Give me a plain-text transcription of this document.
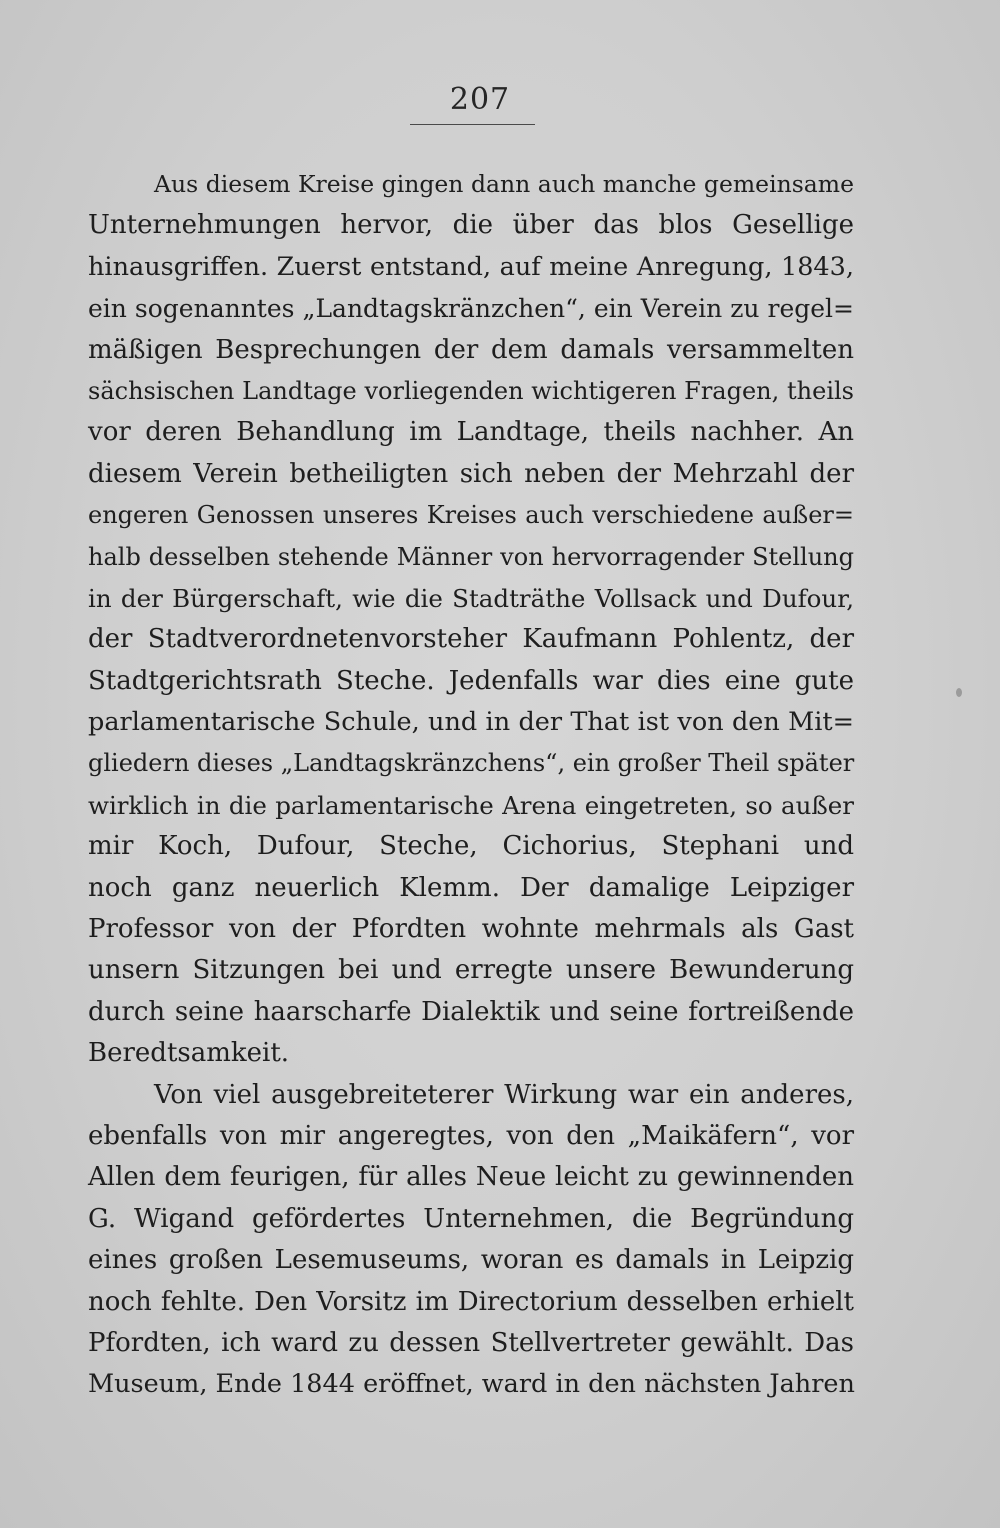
207

Aus diesem Kreise gingen dann auch manche gemeinsame
Unternehmungen hervor, die über das blos Gesellige
hinausgriffen. Zuerst entstand, auf meine Anregung, 1843,
ein sogenanntes „Landtagskränzchen“, ein Verein zu regel=
mäßigen Besprechungen der dem damals versammelten
sächsischen Landtage vorliegenden wichtigeren Fragen, theils
vor deren Behandlung im Landtage, theils nachher. An
diesem Verein betheiligten sich neben der Mehrzahl der
engeren Genossen unseres Kreises auch verschiedene außer=
halb desselben stehende Männer von hervorragender Stellung
in der Bürgerschaft, wie die Stadträthe Vollsack und Dufour,
der Stadtverordnetenvorsteher Kaufmann Pohlentz, der
Stadtgerichtsrath Steche. Jedenfalls war dies eine gute
parlamentarische Schule, und in der That ist von den Mit=
gliedern dieses „Landtagskränzchens“, ein großer Theil später
wirklich in die parlamentarische Arena eingetreten, so außer
mir Koch, Dufour, Steche, Cichorius, Stephani und
noch ganz neuerlich Klemm. Der damalige Leipziger
Professor von der Pfordten wohnte mehrmals als Gast
unsern Sitzungen bei und erregte unsere Bewunderung
durch seine haarscharfe Dialektik und seine fortreißende
Beredtsamkeit.

Von viel ausgebreiteterer Wirkung war ein anderes,
ebenfalls von mir angeregtes, von den „Maikäfern“, vor
Allen dem feurigen, für alles Neue leicht zu gewinnenden
G. Wigand gefördertes Unternehmen, die Begründung
eines großen Lesemuseums, woran es damals in Leipzig
noch fehlte. Den Vorsitz im Directorium desselben erhielt
Pfordten, ich ward zu dessen Stellvertreter gewählt. Das
Museum, Ende 1844 eröffnet, ward in den nächsten Jahren
